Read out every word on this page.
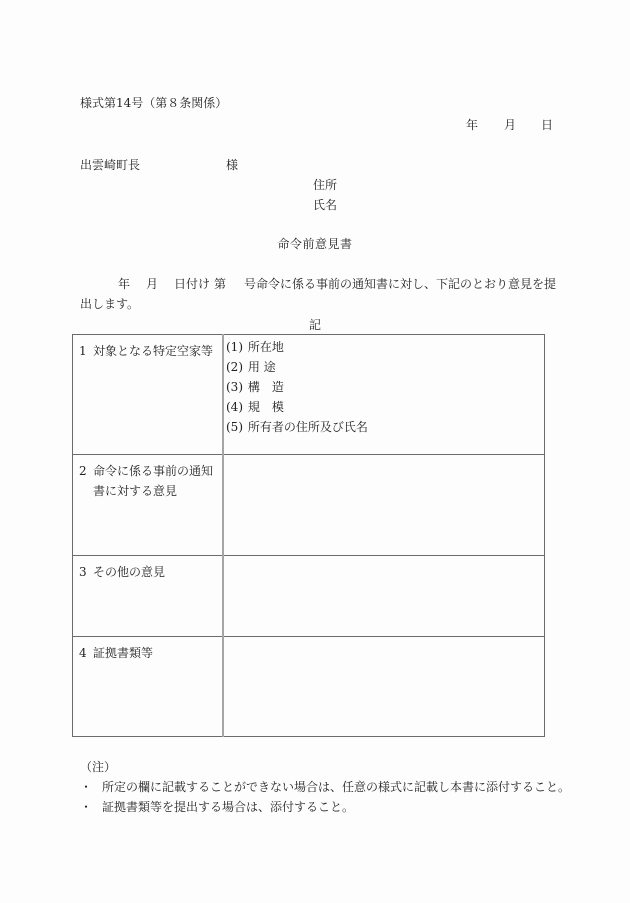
様式第14号（第８条関係）
年 月 日
出雲崎町長	様
住所
氏名
命令前意見書
年 月 日付け 第 号命令に係る事前の通知書に対し、下記のとおり意見を提
出します。
記
1 対象となる特定空家等	(1) 所在地
(2) 用 途
(3) 構　造
(4) 規　模
(5) 所有者の住所及び氏名

2 命令に係る事前の通知
書に対する意見	

3 その他の意見	

4 証拠書類等	

（注）
・ 所定の欄に記載することができない場合は、任意の様式に記載し本書に添付すること。
・ 証拠書類等を提出する場合は、添付すること。
